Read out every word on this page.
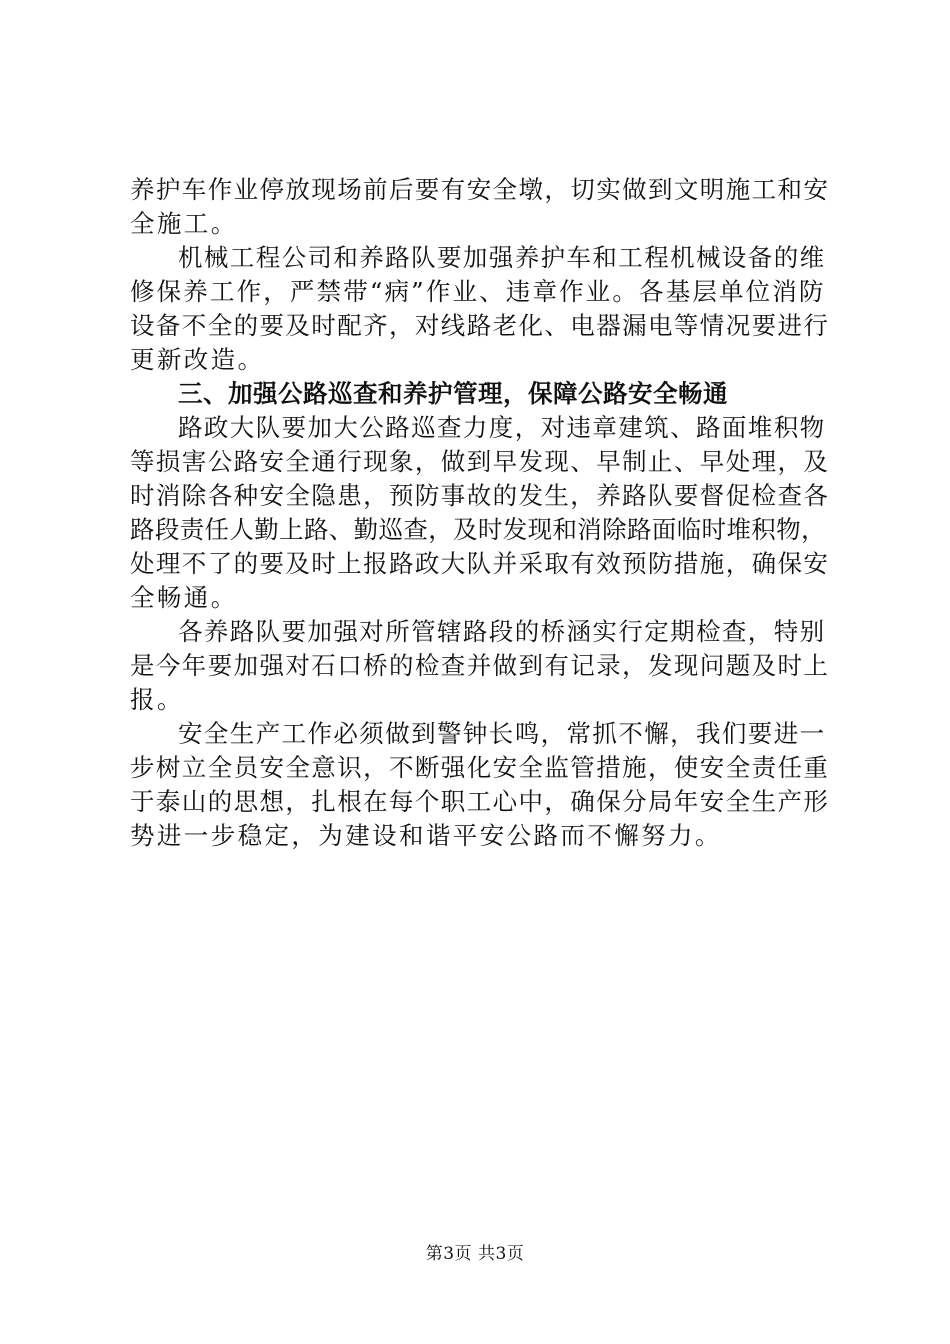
养护车作业停放现场前后要有安全墩，切实做到文明施工和安
全施工。
机械工程公司和养路队要加强养护车和工程机械设备的维
修保养工作，严禁带“病”作业、违章作业。各基层单位消防
设备不全的要及时配齐，对线路老化、电器漏电等情况要进行
更新改造。
三、加强公路巡查和养护管理，保障公路安全畅通
路政大队要加大公路巡查力度，对违章建筑、路面堆积物
等损害公路安全通行现象，做到早发现、早制止、早处理，及
时消除各种安全隐患，预防事故的发生，养路队要督促检查各
路段责任人勤上路、勤巡查，及时发现和消除路面临时堆积物，
处理不了的要及时上报路政大队并采取有效预防措施，确保安
全畅通。
各养路队要加强对所管辖路段的桥涵实行定期检查，特别
是今年要加强对石口桥的检查并做到有记录，发现问题及时上
报。
安全生产工作必须做到警钟长鸣，常抓不懈，我们要进一
步树立全员安全意识，不断强化安全监管措施，使安全责任重
于泰山的思想，扎根在每个职工心中，确保分局年安全生产形
势进一步稳定，为建设和谐平安公路而不懈努力。
第3页 共3页
